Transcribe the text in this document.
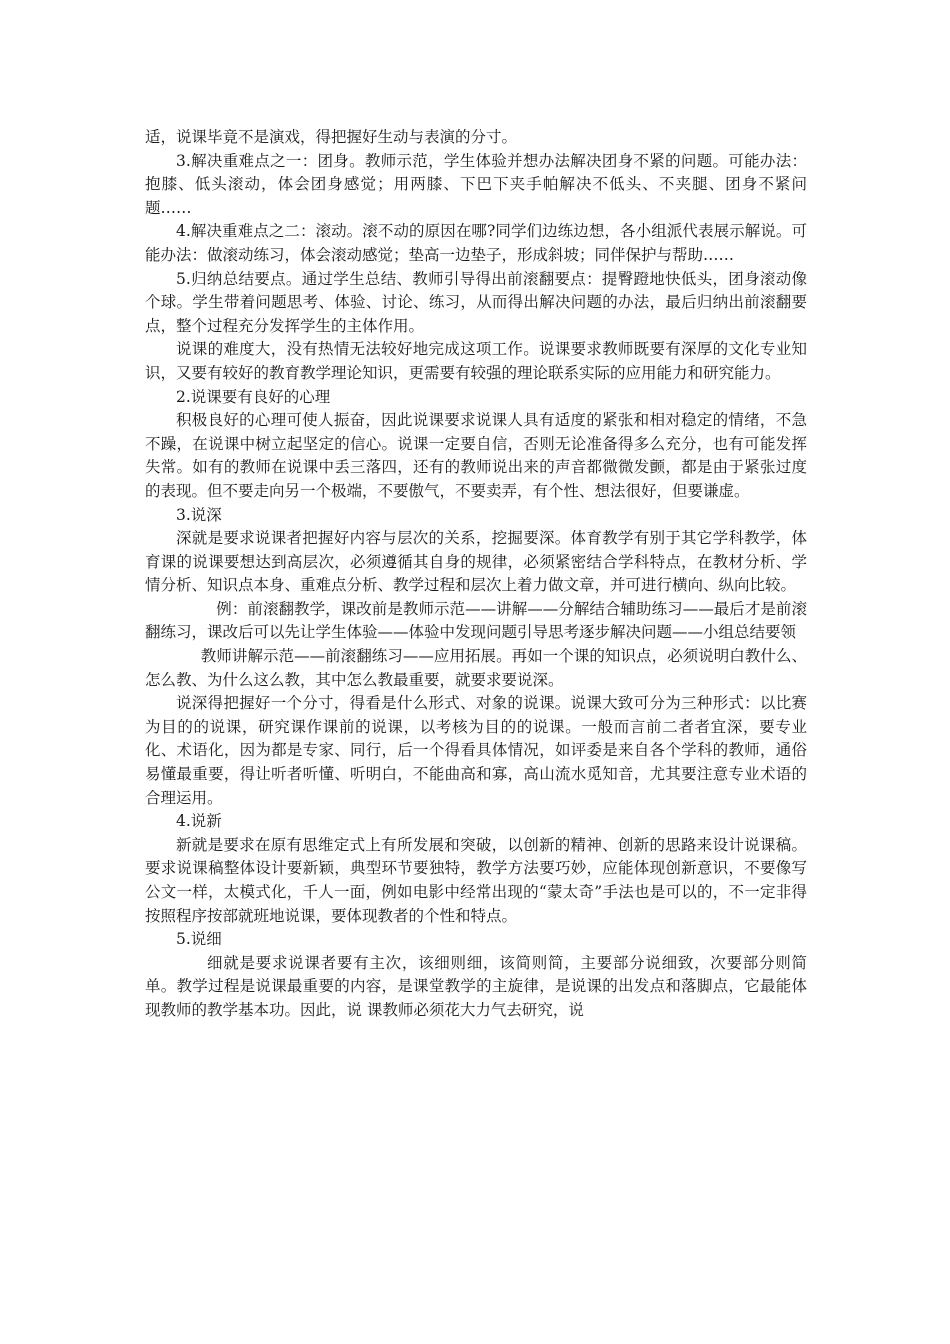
适，说课毕竟不是演戏，得把握好生动与表演的分寸。

3.解决重难点之一：团身。教师示范，学生体验并想办法解决团身不紧的问题。可能办法：抱膝、低头滚动，体会团身感觉；用两膝、下巴下夹手帕解决不低头、不夹腿、团身不紧问题……

4.解决重难点之二：滚动。滚不动的原因在哪?同学们边练边想，各小组派代表展示解说。可能办法：做滚动练习，体会滚动感觉；垫高一边垫子，形成斜坡；同伴保护与帮助……

5.归纳总结要点。通过学生总结、教师引导得出前滚翻要点：提臀蹬地快低头，团身滚动像个球。学生带着问题思考、体验、讨论、练习，从而得出解决问题的办法，最后归纳出前滚翻要点，整个过程充分发挥学生的主体作用。

说课的难度大，没有热情无法较好地完成这项工作。说课要求教师既要有深厚的文化专业知识，又要有较好的教育教学理论知识，更需要有较强的理论联系实际的应用能力和研究能力。

2.说课要有良好的心理

积极良好的心理可使人振奋，因此说课要求说课人具有适度的紧张和相对稳定的情绪，不急不躁，在说课中树立起坚定的信心。说课一定要自信，否则无论准备得多么充分，也有可能发挥失常。如有的教师在说课中丢三落四，还有的教师说出来的声音都微微发颤，都是由于紧张过度的表现。但不要走向另一个极端，不要傲气，不要卖弄，有个性、想法很好，但要谦虚。

3.说深

深就是要求说课者把握好内容与层次的关系，挖掘要深。体育教学有别于其它学科教学，体育课的说课要想达到高层次，必须遵循其自身的规律，必须紧密结合学科特点，在教材分析、学情分析、知识点本身、重难点分析、教学过程和层次上着力做文章，并可进行横向、纵向比较。

例：前滚翻教学，课改前是教师示范——讲解——分解结合辅助练习——最后才是前滚翻练习，课改后可以先让学生体验——体验中发现问题引导思考逐步解决问题——小组总结要领

教师讲解示范——前滚翻练习——应用拓展。再如一个课的知识点，必须说明白教什么、怎么教、为什么这么教，其中怎么教最重要，就要求要说深。

说深得把握好一个分寸，得看是什么形式、对象的说课。说课大致可分为三种形式：以比赛为目的的说课，研究课作课前的说课，以考核为目的的说课。一般而言前二者者宜深，要专业化、术语化，因为都是专家、同行，后一个得看具体情况，如评委是来自各个学科的教师，通俗易懂最重要，得让听者听懂、听明白，不能曲高和寡，高山流水觅知音，尤其要注意专业术语的合理运用。

4.说新

新就是要求在原有思维定式上有所发展和突破，以创新的精神、创新的思路来设计说课稿。要求说课稿整体设计要新颖，典型环节要独特，教学方法要巧妙，应能体现创新意识，不要像写公文一样，太模式化，千人一面，例如电影中经常出现的“蒙太奇”手法也是可以的，不一定非得按照程序按部就班地说课，要体现教者的个性和特点。

5.说细

细就是要求说课者要有主次，该细则细，该简则简，主要部分说细致，次要部分则简单。教学过程是说课最重要的内容，是课堂教学的主旋律，是说课的出发点和落脚点，它最能体现教师的教学基本功。因此，说 课教师必须花大力气去研究，说
